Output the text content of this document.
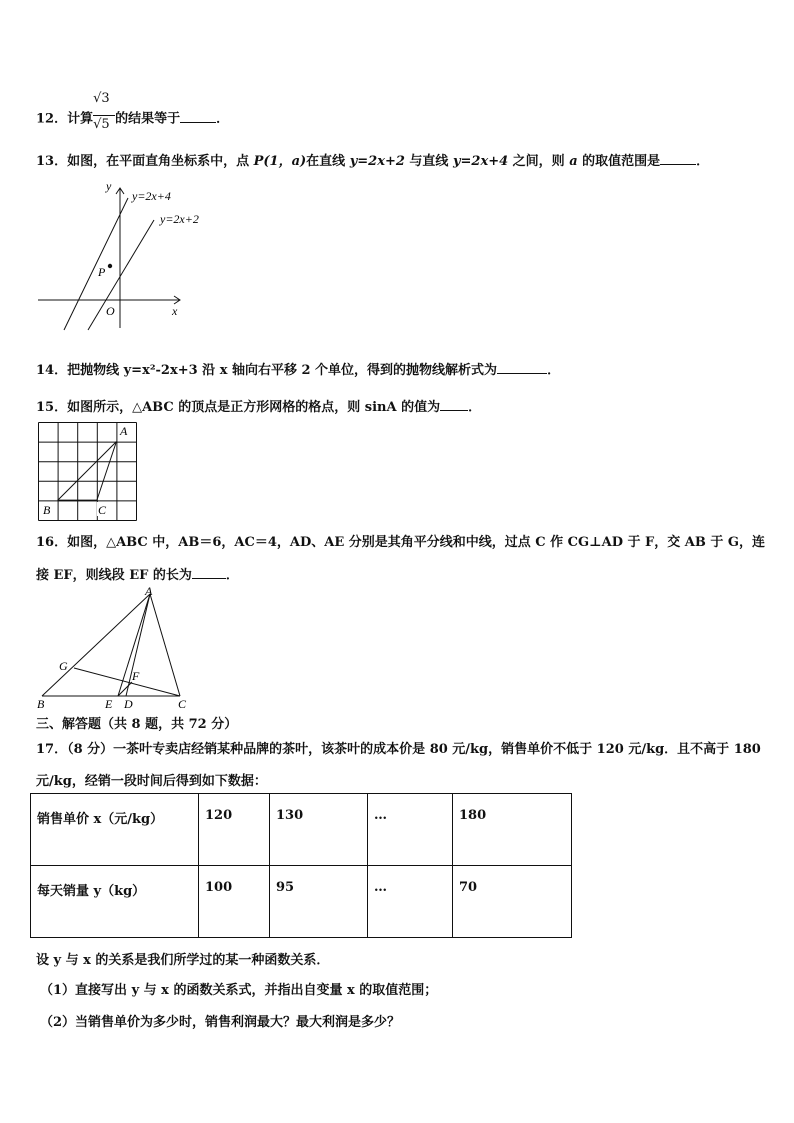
12．计算 $\frac{√3}{√5}$ 的结果等于	．
13．如图，在平面直角坐标系中，点 P(1，a)在直线 y=2x+2 与直线 y=2x+4 之间，则 a 的取值范围是	．
y
x
O
P
y=2x+4
y=2x+2
14．把抛物线 y=x²-2x+3 沿 x 轴向右平移 2 个单位，得到的抛物线解析式为	．
15．如图所示，△ABC 的顶点是正方形网格的格点，则 sinA 的值为 ．
A
B	C
16．如图，△ABC 中，AB＝6，AC＝4，AD、AE 分别是其角平分线和中线，过点 C 作 CG⊥AD 于 F，交 AB 于 G，连
接 EF，则线段 EF 的长为	．
A
B	C
D
E
F
G
三、解答题（共 8 题，共 72 分）
17．（8 分）一茶叶专卖店经销某种品牌的茶叶，该茶叶的成本价是 80 元/kg，销售单价不低于 120 元/kg．且不高于 180
元/kg，经销一段时间后得到如下数据：
销售单价 x（元/kg）	120	130	…	180
每天销量 y（kg）	100	95	…	70
设 y 与 x 的关系是我们所学过的某一种函数关系．
（1）直接写出 y 与 x 的函数关系式，并指出自变量 x 的取值范围；
（2）当销售单价为多少时，销售利润最大？最大利润是多少？
